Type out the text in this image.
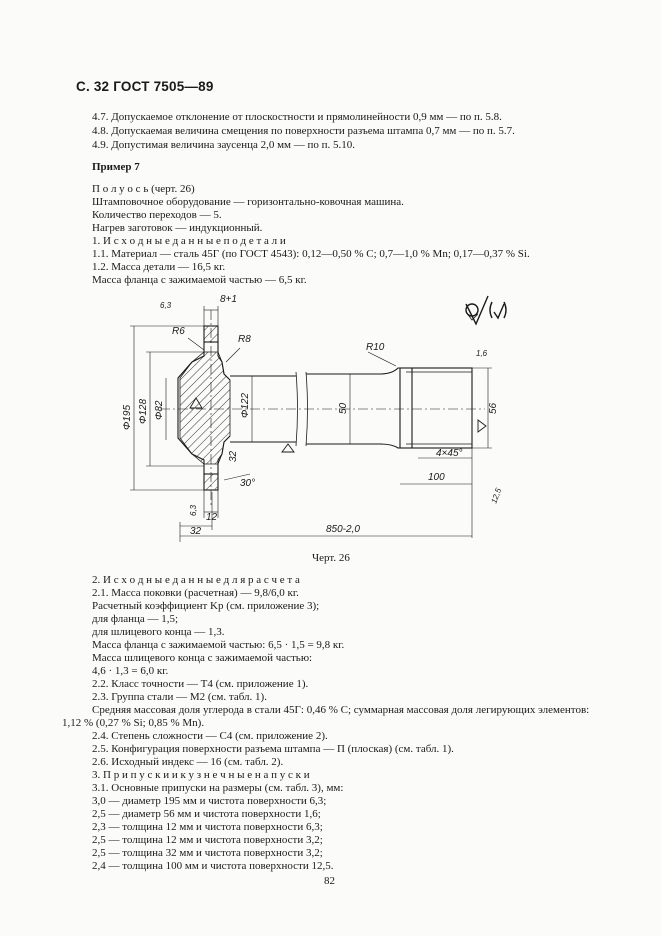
С. 32 ГОСТ 7505—89
4.7. Допускаемое отклонение от плоскостности и прямолинейности 0,9 мм — по п. 5.8.
4.8. Допускаемая величина смещения по поверхности разъема штампа 0,7 мм — по п. 5.7.
4.9. Допустимая величина заусенца 2,0 мм — по п. 5.10.
Пример 7
П о л у о с ь (черт. 26)
Штамповочное оборудование — горизонтально-ковочная машина.
Количество переходов — 5.
Нагрев заготовок — индукционный.
1. И с х о д н ы е д а н н ы е п о д е т а л и
1.1. Материал — сталь 45Г (по ГОСТ 4543): 0,12—0,50 % С; 0,7—1,0 % Mn; 0,17—0,37 % Si.
1.2. Масса детали — 16,5 кг.
Масса фланца с зажимаемой частью — 6,5 кг.
Φ195 Φ128 Φ82	Φ122	50	56
R6
R8
R10
32
30°
4×45°
100
12
32	850-2,0
8+1
6,3
6,3
1,6
12,5
Черт. 26
2. И с х о д н ы е д а н н ы е д л я р а с ч е т а
2.1. Масса поковки (расчетная) — 9,8/6,0 кг.
Расчетный коэффициент Kр (см. приложение 3);
для фланца — 1,5;
для шлицевого конца — 1,3.
Масса фланца с зажимаемой частью: 6,5 · 1,5 = 9,8 кг.
Масса шлицевого конца с зажимаемой частью:
4,6 · 1,3 = 6,0 кг.
2.2. Класс точности — Т4 (см. приложение 1).
2.3. Группа стали — М2 (см. табл. 1).
Средняя массовая доля углерода в стали 45Г: 0,46 % С; суммарная массовая доля легирующих элементов:
1,12 % (0,27 % Si; 0,85 % Mn).
2.4. Степень сложности — С4 (см. приложение 2).
2.5. Конфигурация поверхности разъема штампа — П (плоская) (см. табл. 1).
2.6. Исходный индекс — 16 (см. табл. 2).
3. П р и п у с к и и к у з н е ч н ы е н а п у с к и
3.1. Основные припуски на размеры (см. табл. 3), мм:
3,0 — диаметр 195 мм и чистота поверхности 6,3;
2,5 — диаметр 56 мм и чистота поверхности 1,6;
2,3 — толщина 12 мм и чистота поверхности 6,3;
2,5 — толщина 12 мм и чистота поверхности 3,2;
2,5 — толщина 32 мм и чистота поверхности 3,2;
2,4 — толщина 100 мм и чистота поверхности 12,5.
82
